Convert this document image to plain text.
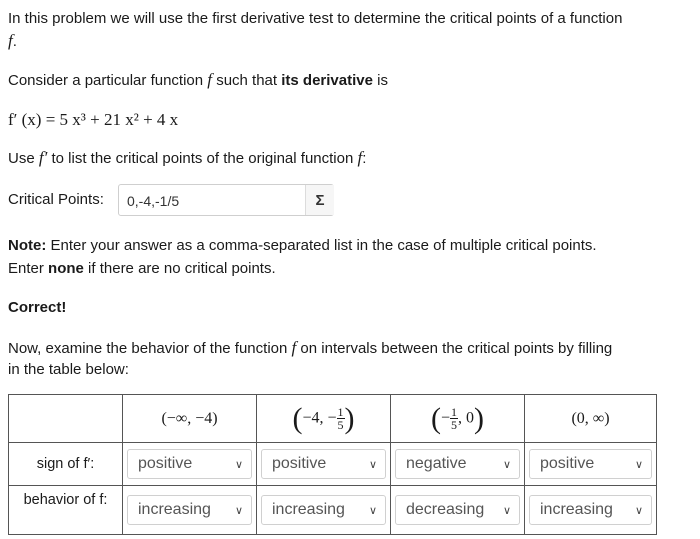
In this problem we will use the first derivative test to determine the critical points of a function
f.
Consider a particular function f such that its derivative is
f′ (x) = 5 x³ + 21 x² + 4 x
Use f′ to list the critical points of the original function f:
Critical Points: 0,-4,-1/5	Σ
Note: Enter your answer as a comma-separated list in the case of multiple critical points.
Enter none if there are no critical points.
Correct!
Now, examine the behavior of the function f on intervals between the critical points by filling
in the table below:
	(−∞, −4)	(−4, − $\frac{1}{5}$ )	(− $\frac{1}{5}$ , 0)	(0, ∞)
sign of f′:	positive ∨	positive ∨	negative ∨	positive ∨

behavior of f:	increasing ∨	increasing ∨	decreasing ∨	increasing ∨
